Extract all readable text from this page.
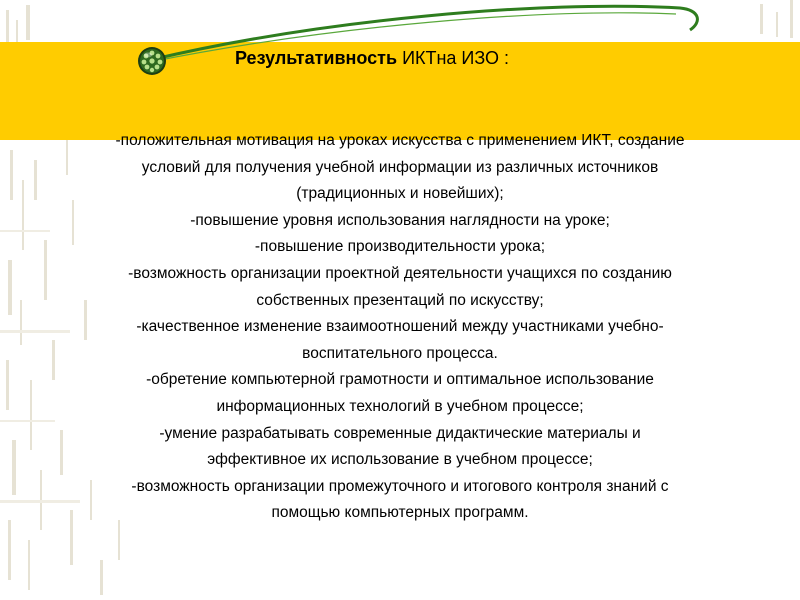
Результативность ИКТна ИЗО :
-положительная мотивация на уроках искусства с применением ИКТ, создание
условий для получения учебной информации из различных источников
(традиционных и новейших);
-повышение уровня использования наглядности на уроке;
-повышение производительности урока;
-возможность организации проектной деятельности учащихся по созданию
собственных презентаций по искусству;
-качественное изменение взаимоотношений между участниками учебно-
воспитательного процесса.
-обретение компьютерной грамотности и оптимальное использование
информационных технологий в учебном процессе;
-умение разрабатывать современные дидактические материалы и
эффективное их использование в учебном процессе;
-возможность организации промежуточного и итогового контроля знаний с
помощью компьютерных программ.
